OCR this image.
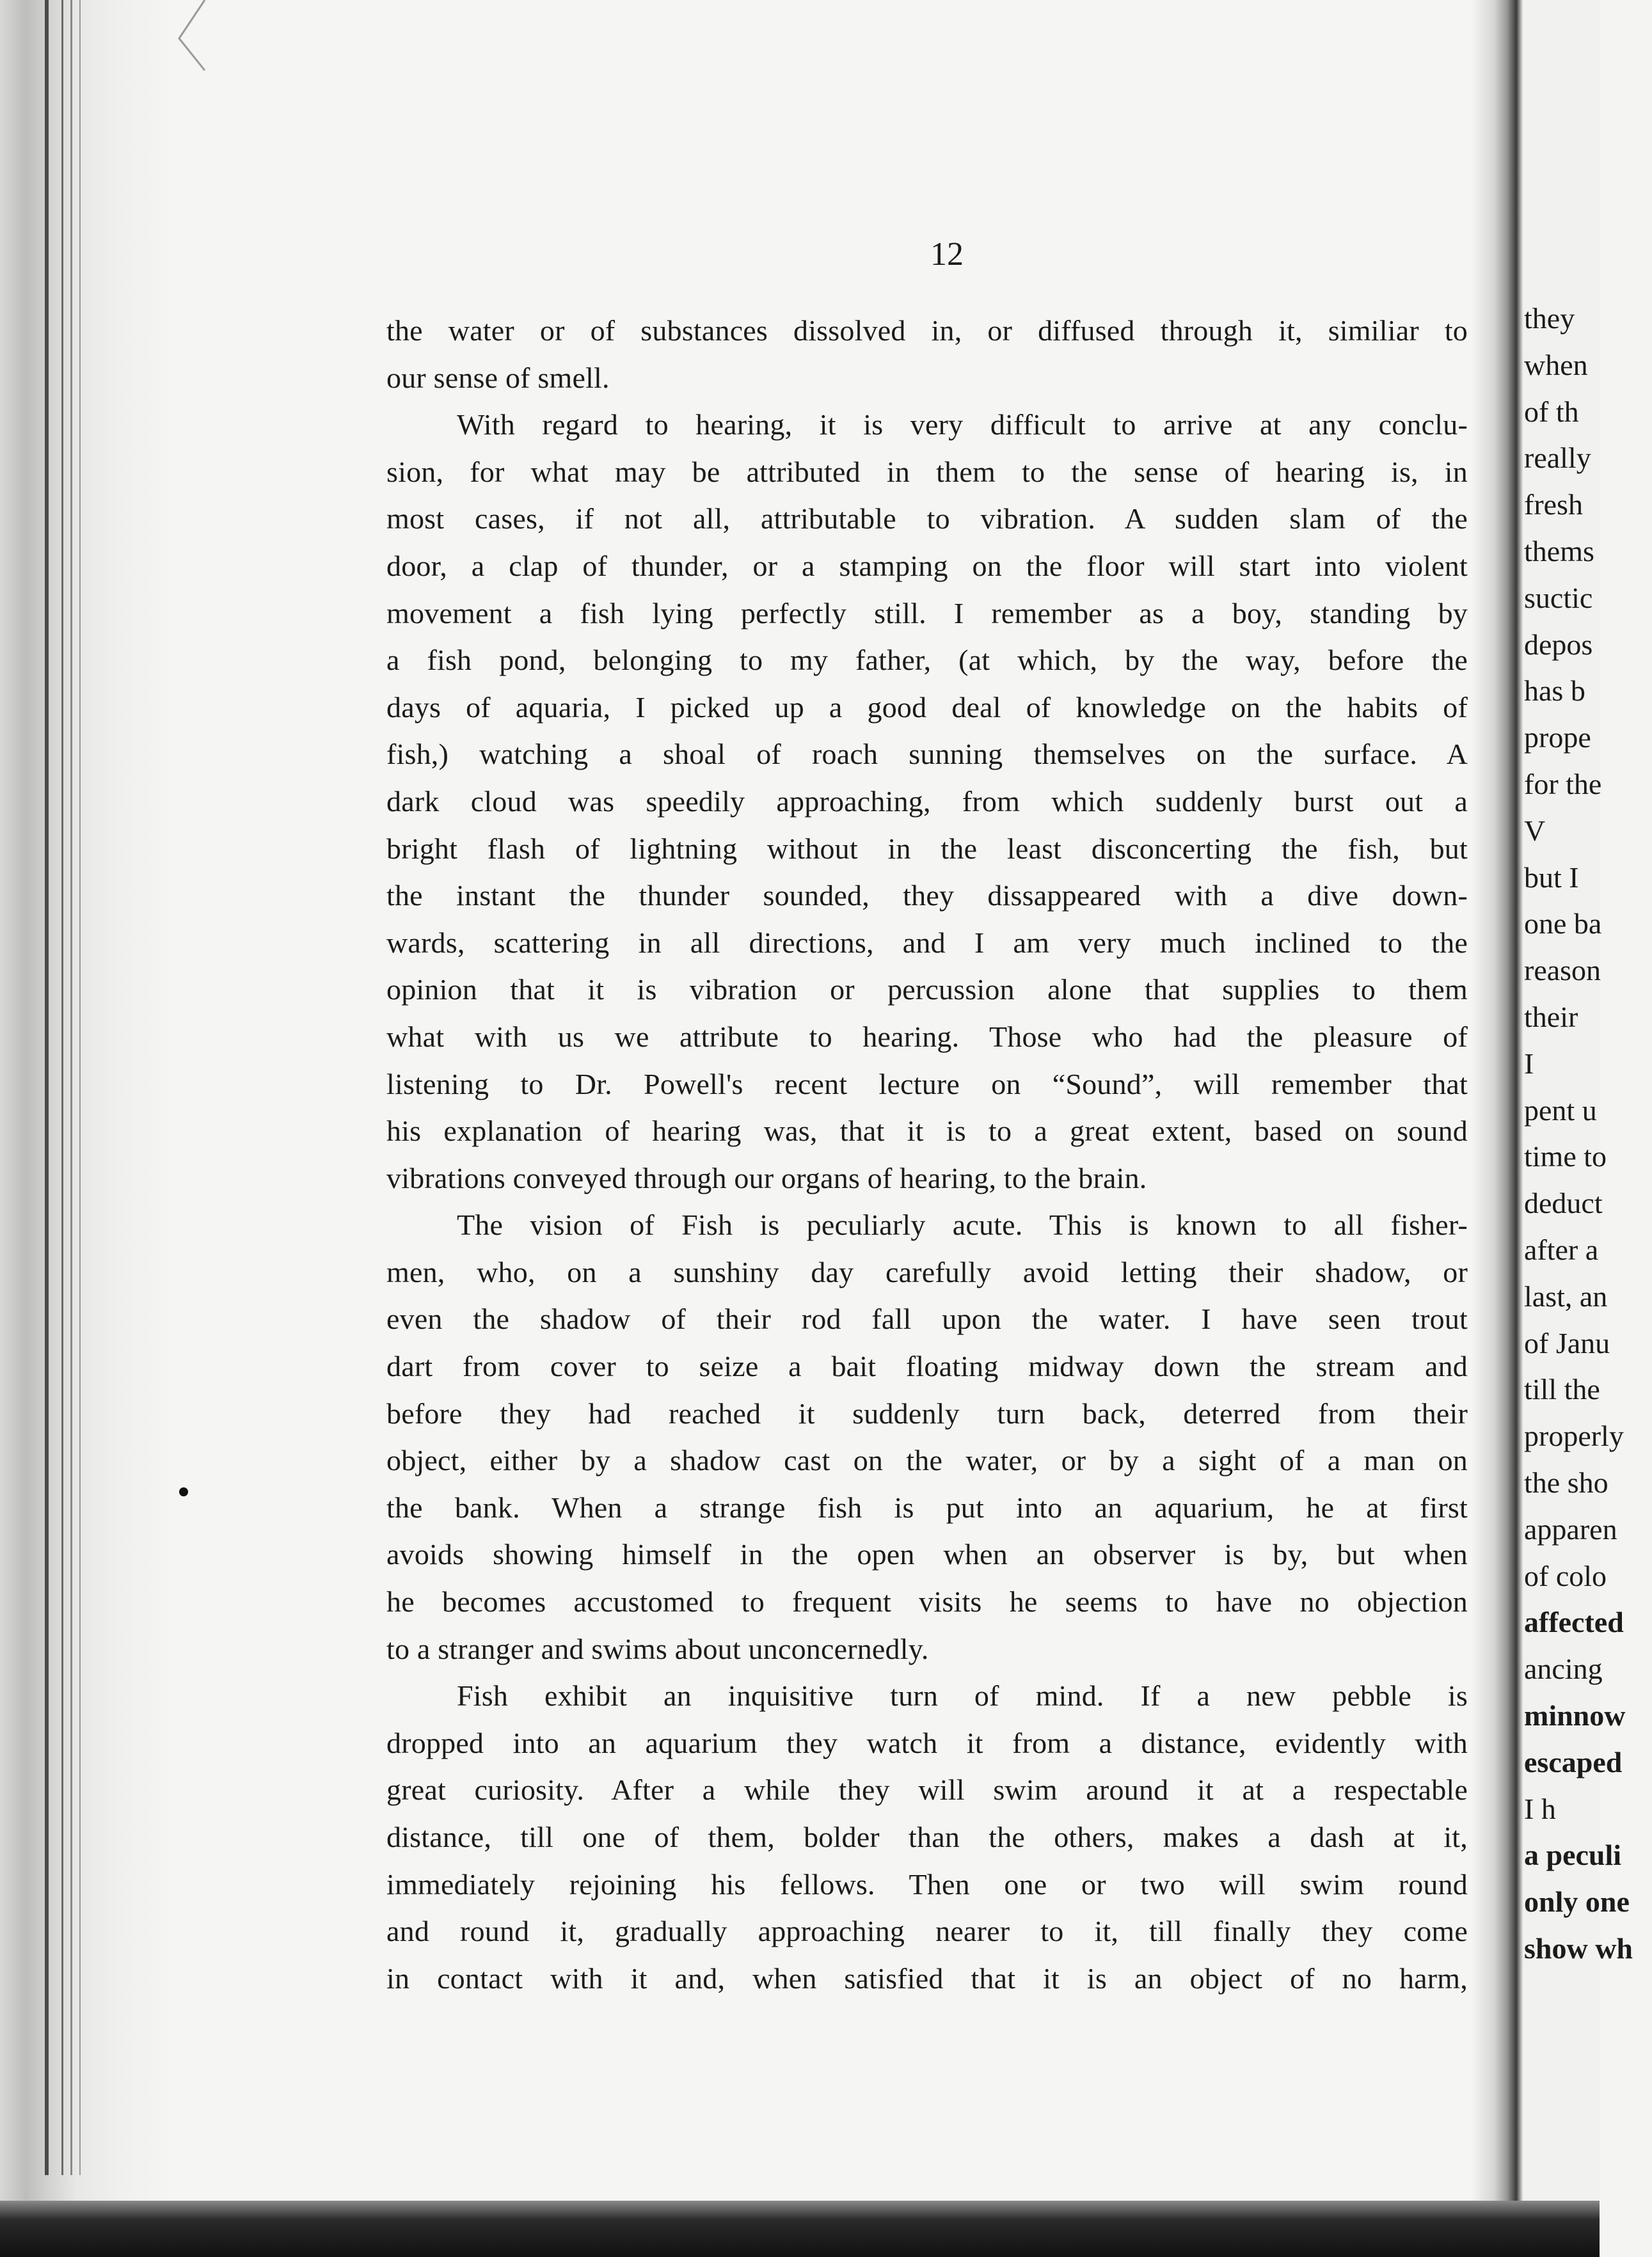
12
the water or of substances dissolved in, or diffused through it, similiar to
our sense of smell.
With regard to hearing, it is very difficult to arrive at any conclu-
sion, for what may be attributed in them to the sense of hearing is, in
most cases, if not all, attributable to vibration. A sudden slam of the
door, a clap of thunder, or a stamping on the floor will start into violent
movement a fish lying perfectly still. I remember as a boy, standing by
a fish pond, belonging to my father, (at which, by the way, before the
days of aquaria, I picked up a good deal of knowledge on the habits of
fish,) watching a shoal of roach sunning themselves on the surface. A
dark cloud was speedily approaching, from which suddenly burst out a
bright flash of lightning without in the least disconcerting the fish, but
the instant the thunder sounded, they dissappeared with a dive down-
wards, scattering in all directions, and I am very much inclined to the
opinion that it is vibration or percussion alone that supplies to them
what with us we attribute to hearing. Those who had the pleasure of
listening to Dr. Powell's recent lecture on “Sound”, will remember that
his explanation of hearing was, that it is to a great extent, based on sound
vibrations conveyed through our organs of hearing, to the brain.
The vision of Fish is peculiarly acute. This is known to all fisher-
men, who, on a sunshiny day carefully avoid letting their shadow, or
even the shadow of their rod fall upon the water. I have seen trout
dart from cover to seize a bait floating midway down the stream and
before they had reached it suddenly turn back, deterred from their
object, either by a shadow cast on the water, or by a sight of a man on
the bank. When a strange fish is put into an aquarium, he at first
avoids showing himself in the open when an observer is by, but when
he becomes accustomed to frequent visits he seems to have no objection
to a stranger and swims about unconcernedly.
Fish exhibit an inquisitive turn of mind. If a new pebble is
dropped into an aquarium they watch it from a distance, evidently with
great curiosity. After a while they will swim around it at a respectable
distance, till one of them, bolder than the others, makes a dash at it,
immediately rejoining his fellows. Then one or two will swim round
and round it, gradually approaching nearer to it, till finally they come
in contact with it and, when satisfied that it is an object of no harm,
they
when
of th
really
fresh
thems
suctic
depos
has b
prope
for the
V
but I
one ba
reason
their
I
pent u
time to
deduct
after a
last, an
of Janu
till the
properly
the sho
apparen
of colo
affected
ancing
minnow
escaped
I h
a peculi
only one
show wh
